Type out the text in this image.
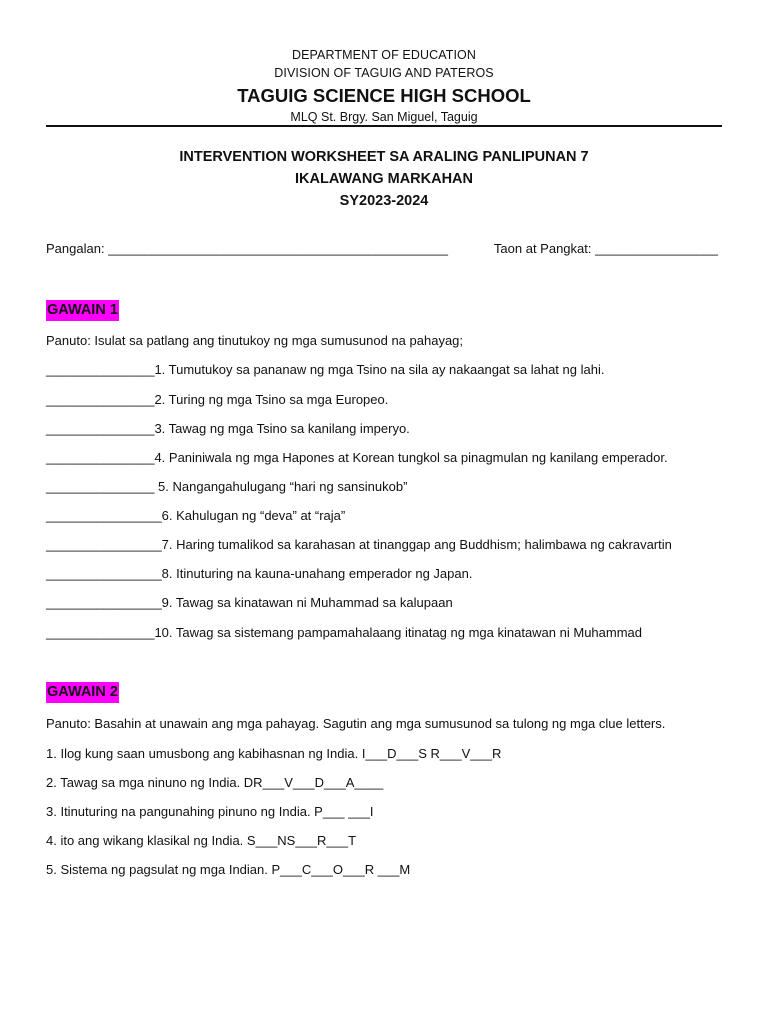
DEPARTMENT OF EDUCATION
DIVISION OF TAGUIG AND PATEROS
TAGUIG SCIENCE HIGH SCHOOL
MLQ St. Brgy. San Miguel, Taguig
INTERVENTION WORKSHEET SA ARALING PANLIPUNAN 7
IKALAWANG MARKAHAN
SY2023-2024
Pangalan: _______________________________________________	Taon at Pangkat: _________________
GAWAIN 1
Panuto: Isulat sa patlang ang tinutukoy ng mga sumusunod na pahayag;
_______________1. Tumutukoy sa pananaw ng mga Tsino na sila ay nakaangat sa lahat ng lahi.
_______________2. Turing ng mga Tsino sa mga Europeo.
_______________3. Tawag ng mga Tsino sa kanilang imperyo.
_______________4. Paniniwala ng mga Hapones at Korean tungkol sa pinagmulan ng kanilang emperador.
_______________ 5. Nangangahulugang “hari ng sansinukob”
________________6. Kahulugan ng “deva” at “raja”
________________7. Haring tumalikod sa karahasan at tinanggap ang Buddhism; halimbawa ng cakravartin
________________8. Itinuturing na kauna-unahang emperador ng Japan.
________________9. Tawag sa kinatawan ni Muhammad sa kalupaan
_______________10. Tawag sa sistemang pampamahalaang itinatag ng mga kinatawan ni Muhammad
GAWAIN 2
Panuto: Basahin at unawain ang mga pahayag. Sagutin ang mga sumusunod sa tulong ng mga clue letters.
1. Ilog kung saan umusbong ang kabihasnan ng India. I___D___S R___V___R
2. Tawag sa mga ninuno ng India. DR___V___D___A____
3. Itinuturing na pangunahing pinuno ng India. P___ ___I
4. ito ang wikang klasikal ng India. S___NS___R___T
5. Sistema ng pagsulat ng mga Indian. P___C___O___R ___M
